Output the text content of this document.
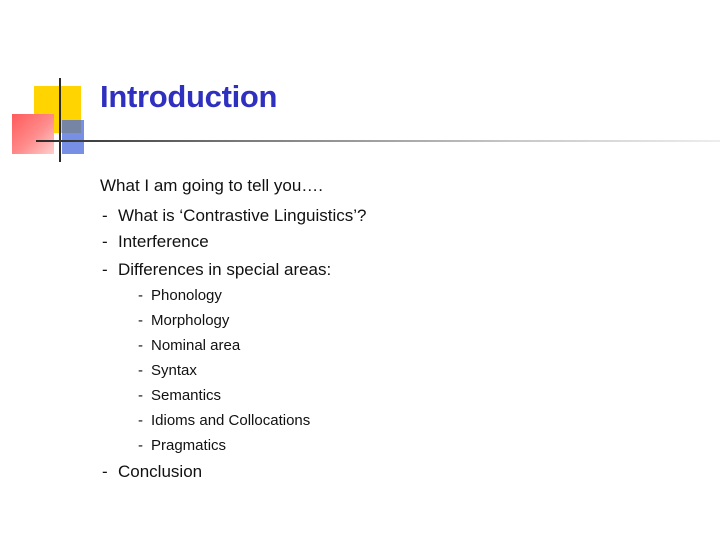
Introduction
What I am going to tell you….
- What is ‘Contrastive Linguistics’?
- Interference
- Differences in special areas:
- Phonology
- Morphology
- Nominal area
- Syntax
- Semantics
- Idioms and Collocations
- Pragmatics
- Conclusion
